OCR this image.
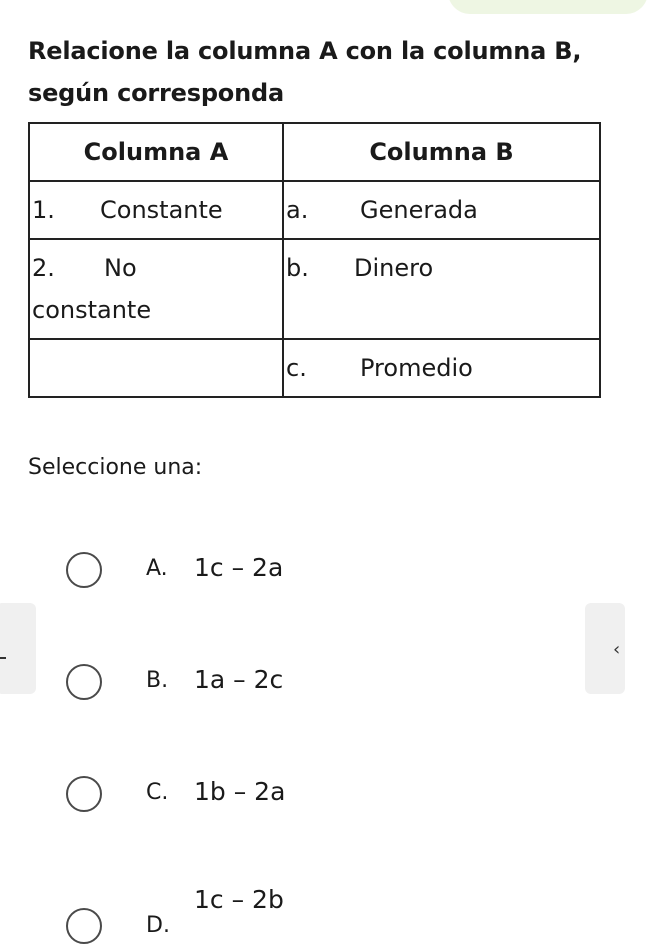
Relacione la columna A con la columna B, según corresponda
Columna A	Columna B

1. Constante	a. Generada

2. No
constante	b. Dinero

	c. Promedio
Seleccione una:
A.	1c – 2a
B.	1a – 2c
C.	1b – 2a
D.
1c – 2b
‹
